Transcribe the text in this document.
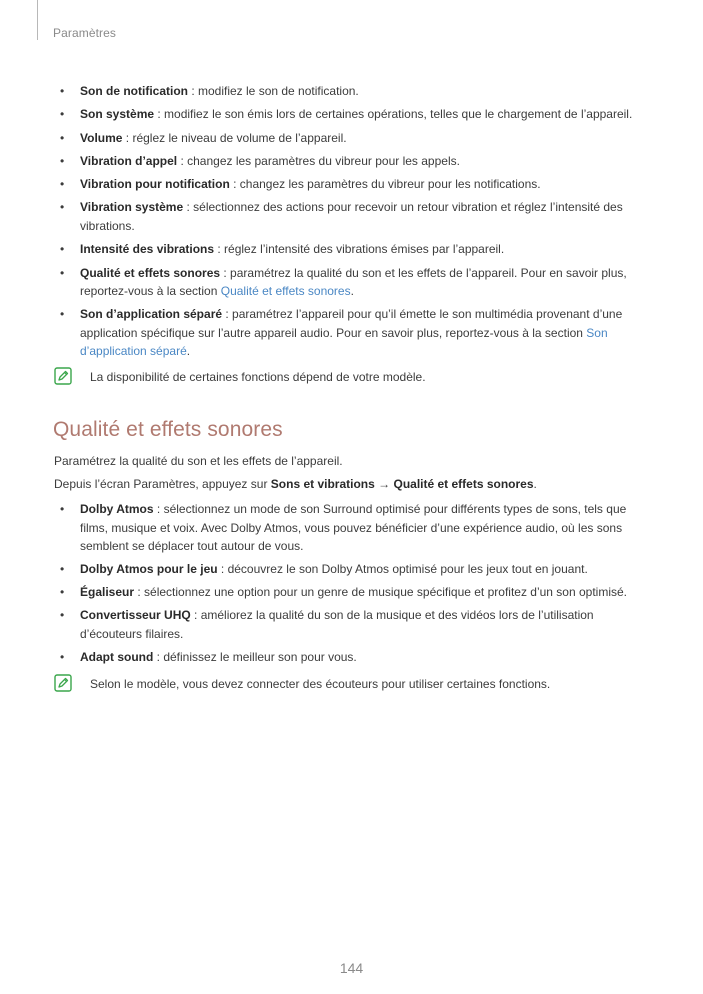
Paramètres
• Son de notification : modifiez le son de notification.
• Son système : modifiez le son émis lors de certaines opérations, telles que le chargement de l’appareil.
• Volume : réglez le niveau de volume de l’appareil.
• Vibration d’appel : changez les paramètres du vibreur pour les appels.
• Vibration pour notification : changez les paramètres du vibreur pour les notifications.
• Vibration système : sélectionnez des actions pour recevoir un retour vibration et réglez l’intensité des vibrations.
• Intensité des vibrations : réglez l’intensité des vibrations émises par l’appareil.
• Qualité et effets sonores : paramétrez la qualité du son et les effets de l’appareil. Pour en savoir plus, reportez-vous à la section Qualité et effets sonores.
• Son d’application séparé : paramétrez l’appareil pour qu’il émette le son multimédia provenant d’une application spécifique sur l’autre appareil audio. Pour en savoir plus, reportez-vous à la section Son d’application séparé.
La disponibilité de certaines fonctions dépend de votre modèle.
Qualité et effets sonores

Paramétrez la qualité du son et les effets de l’appareil.

Depuis l’écran Paramètres, appuyez sur Sons et vibrations → Qualité et effets sonores.

• Dolby Atmos : sélectionnez un mode de son Surround optimisé pour différents types de sons, tels que films, musique et voix. Avec Dolby Atmos, vous pouvez bénéficier d’une expérience audio, où les sons semblent se déplacer tout autour de vous.
• Dolby Atmos pour le jeu : découvrez le son Dolby Atmos optimisé pour les jeux tout en jouant.
• Égaliseur : sélectionnez une option pour un genre de musique spécifique et profitez d’un son optimisé.
• Convertisseur UHQ : améliorez la qualité du son de la musique et des vidéos lors de l’utilisation d’écouteurs filaires.
• Adapt sound : définissez le meilleur son pour vous.
Selon le modèle, vous devez connecter des écouteurs pour utiliser certaines fonctions.
144
